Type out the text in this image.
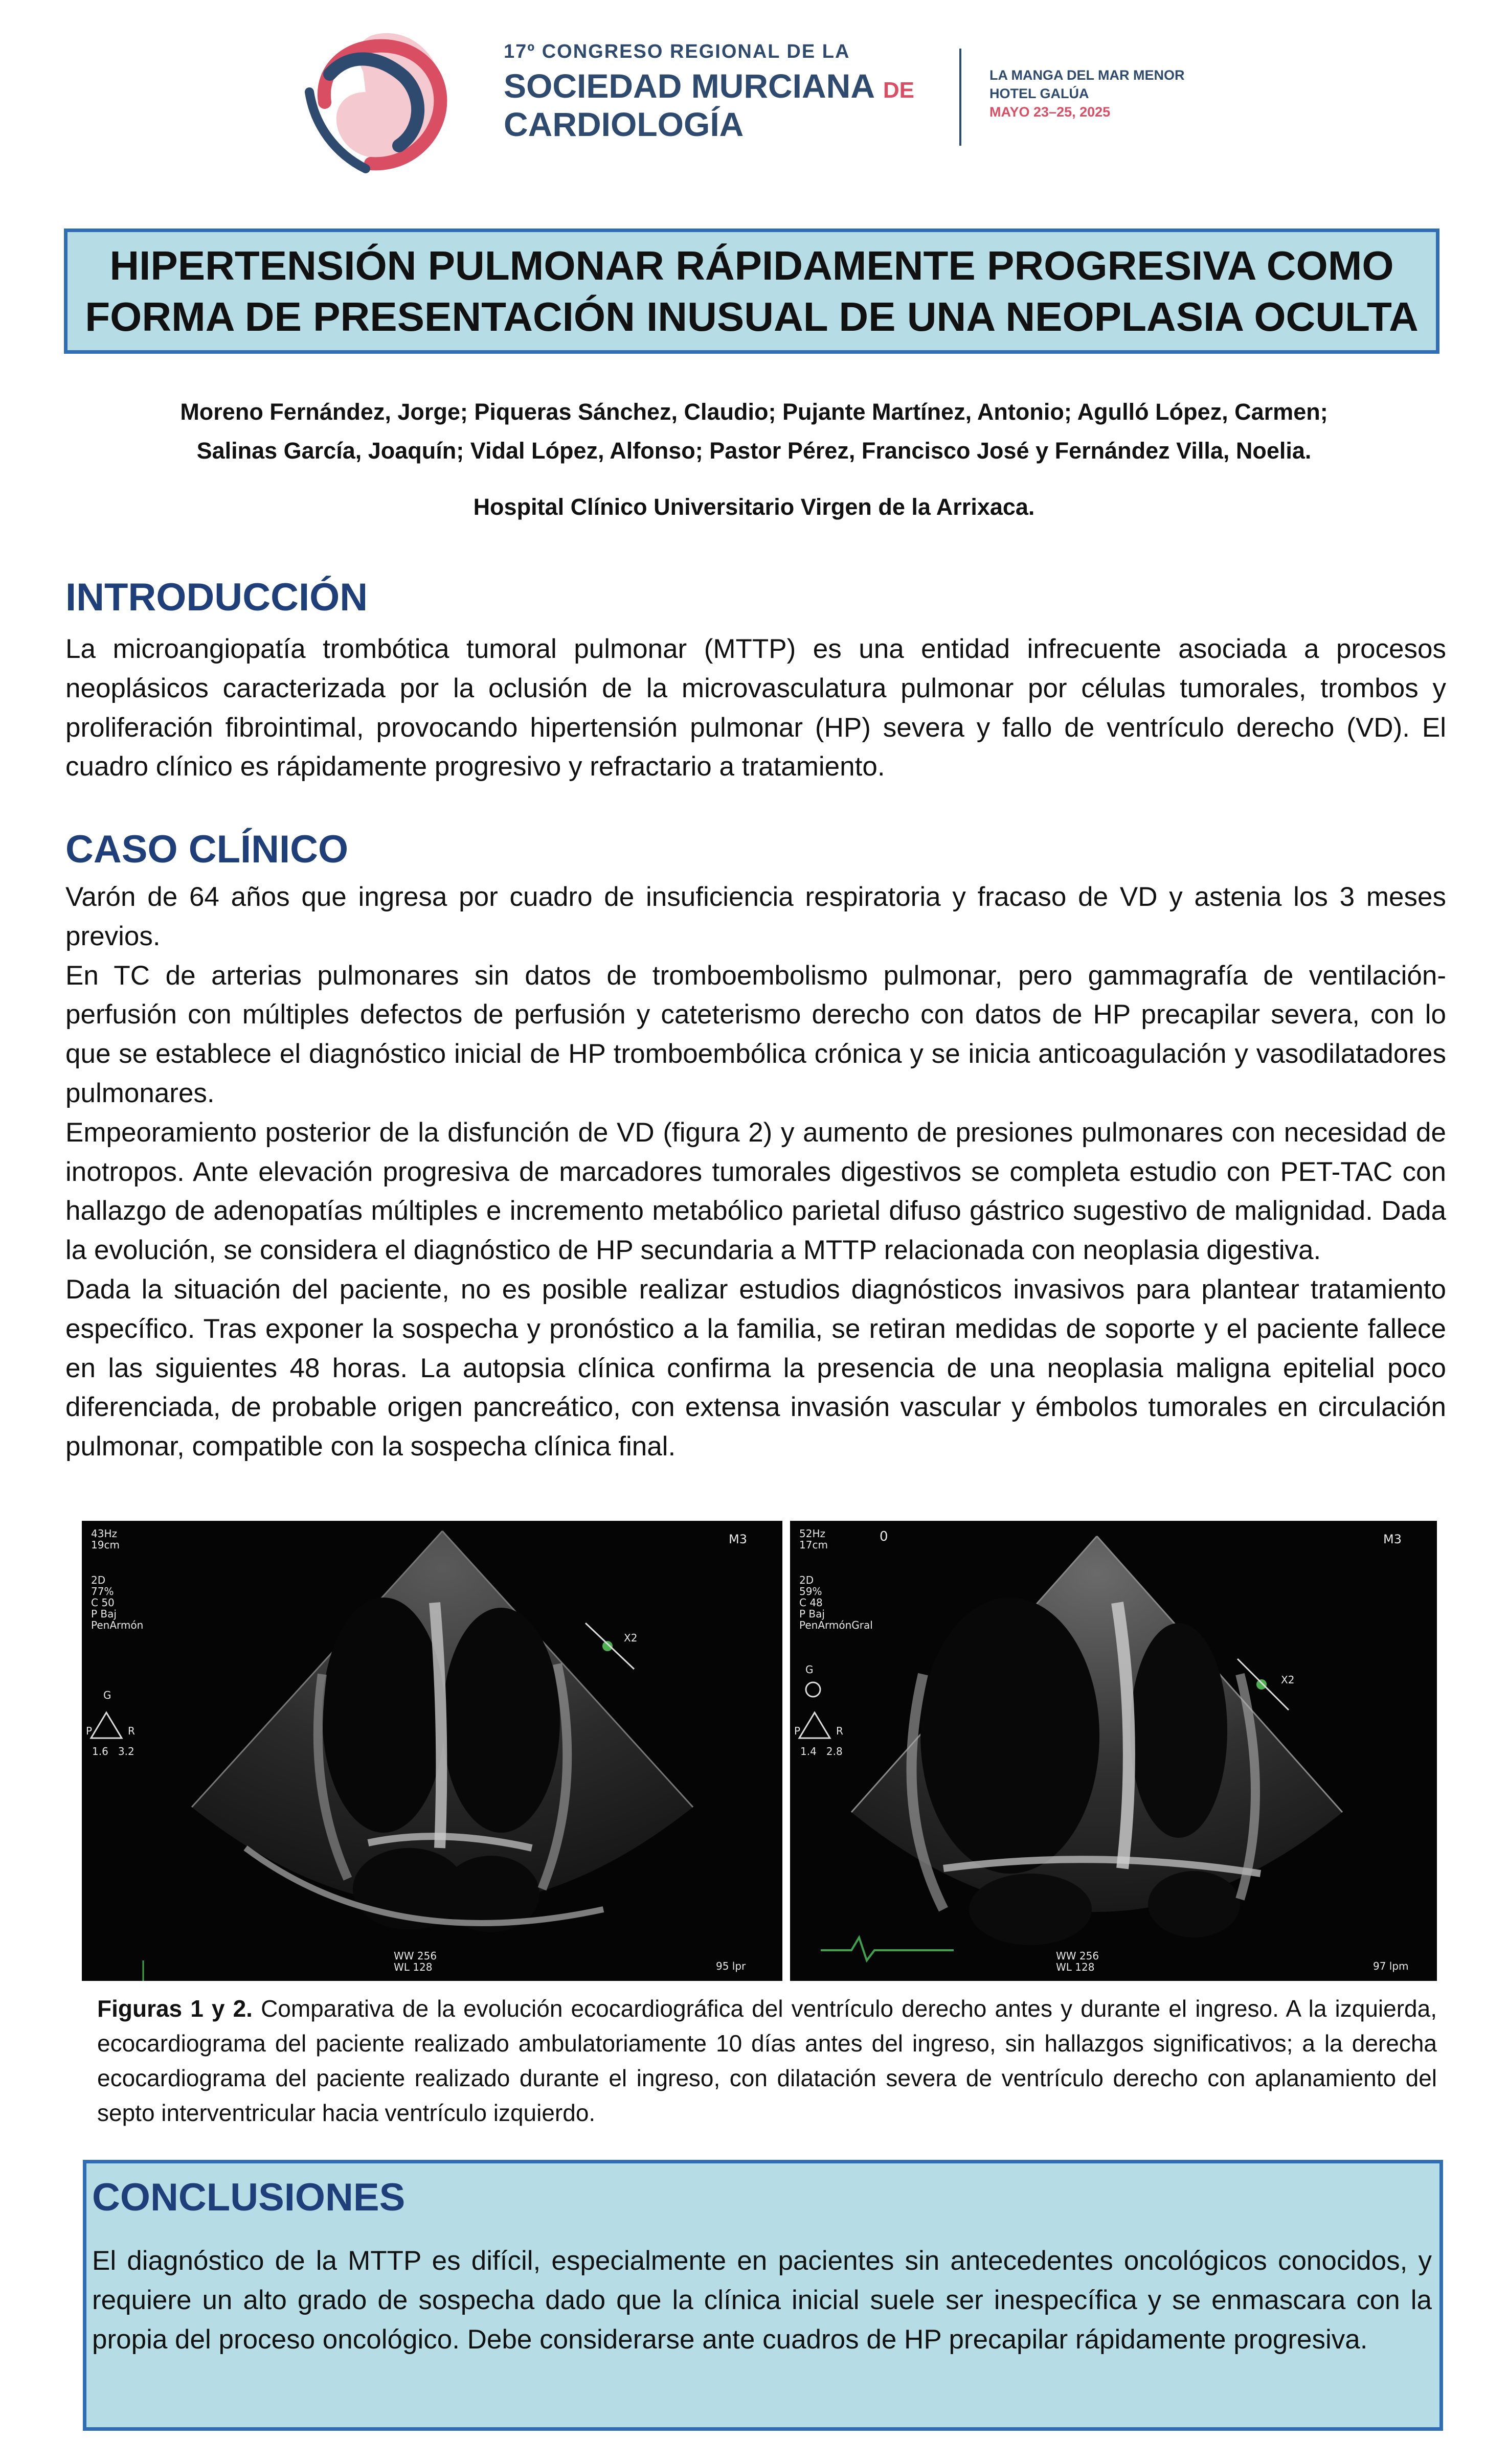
17º CONGRESO REGIONAL DE LA
SOCIEDAD MURCIANA DE
CARDIOLOGÍA
LA MANGA DEL MAR MENOR
HOTEL GALÚA
MAYO 23–25, 2025
HIPERTENSIÓN PULMONAR RÁPIDAMENTE PROGRESIVA COMO
FORMA DE PRESENTACIÓN INUSUAL DE UNA NEOPLASIA OCULTA
Moreno Fernández, Jorge; Piqueras Sánchez, Claudio; Pujante Martínez, Antonio; Agulló López, Carmen;
Salinas García, Joaquín; Vidal López, Alfonso; Pastor Pérez, Francisco José y Fernández Villa, Noelia.
Hospital Clínico Universitario Virgen de la Arrixaca.
INTRODUCCIÓN
La microangiopatía trombótica tumoral pulmonar (MTTP) es una entidad infrecuente asociada a procesos neoplásicos caracterizada por la oclusión de la microvasculatura pulmonar por células tumorales, trombos y proliferación fibrointimal, provocando hipertensión pulmonar (HP) severa y fallo de ventrículo derecho (VD). El cuadro clínico es rápidamente progresivo y refractario a tratamiento.
CASO CLÍNICO

Varón de 64 años que ingresa por cuadro de insuficiencia respiratoria y fracaso de VD y astenia los 3 meses previos.

En TC de arterias pulmonares sin datos de tromboembolismo pulmonar, pero gammagrafía de ventilación-perfusión con múltiples defectos de perfusión y cateterismo derecho con datos de HP precapilar severa, con lo que se establece el diagnóstico inicial de HP tromboembólica crónica y se inicia anticoagulación y vasodilatadores pulmonares.

Empeoramiento posterior de la disfunción de VD (figura 2) y aumento de presiones pulmonares con necesidad de inotropos. Ante elevación progresiva de marcadores tumorales digestivos se completa estudio con PET-TAC con hallazgo de adenopatías múltiples e incremento metabólico parietal difuso gástrico sugestivo de malignidad. Dada la evolución, se considera el diagnóstico de HP secundaria a MTTP relacionada con neoplasia digestiva.

Dada la situación del paciente, no es posible realizar estudios diagnósticos invasivos para plantear tratamiento específico. Tras exponer la sospecha y pronóstico a la familia, se retiran medidas de soporte y el paciente fallece en las siguientes 48 horas. La autopsia clínica confirma la presencia de una neoplasia maligna epitelial poco diferenciada, de probable origen pancreático, con extensa invasión vascular y émbolos tumorales en circulación pulmonar, compatible con la sospecha clínica final.

43Hz
19cm
2D
77%
C 50
P Baj
PenArmón
M3
G
P	R
1.6   3.2
X2
WW 256
WL 128	95 lpr
52Hz
17cm
2D
59%
C 48
P Baj
PenArmónGral
M3
0
G
P	R
1.4   2.8
X2
WW 256
WL 128	97 lpm
Figuras 1 y 2. Comparativa de la evolución ecocardiográfica del ventrículo derecho antes y durante el ingreso. A la izquierda, ecocardiograma del paciente realizado ambulatoriamente 10 días antes del ingreso, sin hallazgos significativos; a la derecha ecocardiograma del paciente realizado durante el ingreso, con dilatación severa de ventrículo derecho con aplanamiento del septo interventricular hacia ventrículo izquierdo.
CONCLUSIONES
El diagnóstico de la MTTP es difícil, especialmente en pacientes sin antecedentes oncológicos conocidos, y requiere un alto grado de sospecha dado que la clínica inicial suele ser inespecífica y se enmascara con la propia del proceso oncológico. Debe considerarse ante cuadros de HP precapilar rápidamente progresiva.
